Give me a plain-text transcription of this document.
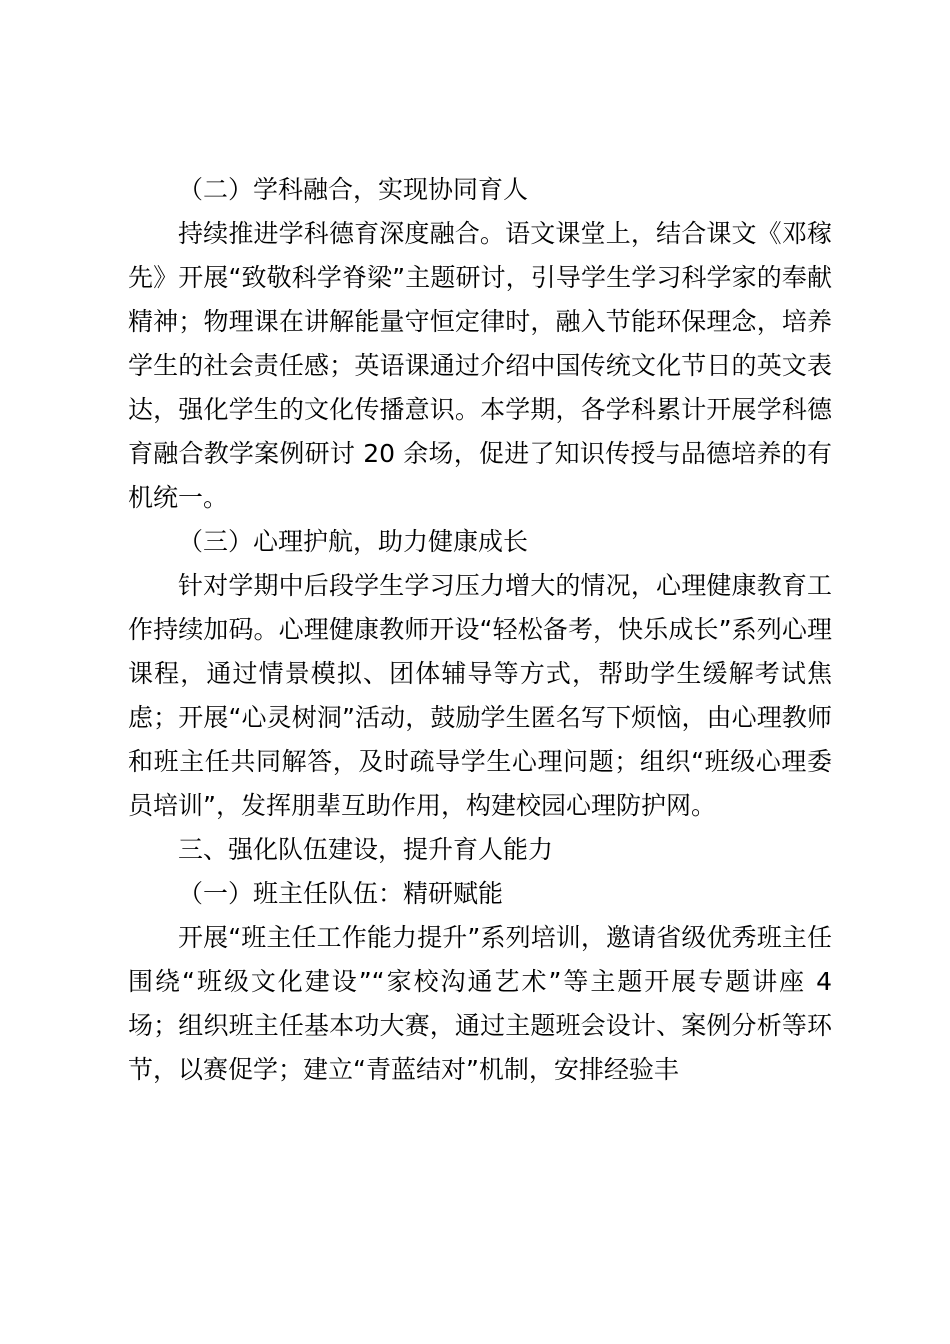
（二）学科融合，实现协同育人

持续推进学科德育深度融合。语文课堂上，结合课文《邓稼先》开展“致敬科学脊梁”主题研讨，引导学生学习科学家的奉献精神；物理课在讲解能量守恒定律时，融入节能环保理念，培养学生的社会责任感；英语课通过介绍中国传统文化节日的英文表达，强化学生的文化传播意识。本学期，各学科累计开展学科德育融合教学案例研讨 20 余场，促进了知识传授与品德培养的有机统一。

（三）心理护航，助力健康成长

针对学期中后段学生学习压力增大的情况，心理健康教育工作持续加码。心理健康教师开设“轻松备考，快乐成长”系列心理课程，通过情景模拟、团体辅导等方式，帮助学生缓解考试焦虑；开展“心灵树洞”活动，鼓励学生匿名写下烦恼，由心理教师和班主任共同解答，及时疏导学生心理问题；组织“班级心理委员培训”，发挥朋辈互助作用，构建校园心理防护网。

三、强化队伍建设，提升育人能力

（一）班主任队伍：精研赋能

开展“班主任工作能力提升”系列培训，邀请省级优秀班主任围绕“班级文化建设”“家校沟通艺术”等主题开展专题讲座 4 场；组织班主任基本功大赛，通过主题班会设计、案例分析等环节，以赛促学；建立“青蓝结对”机制，安排经验丰
